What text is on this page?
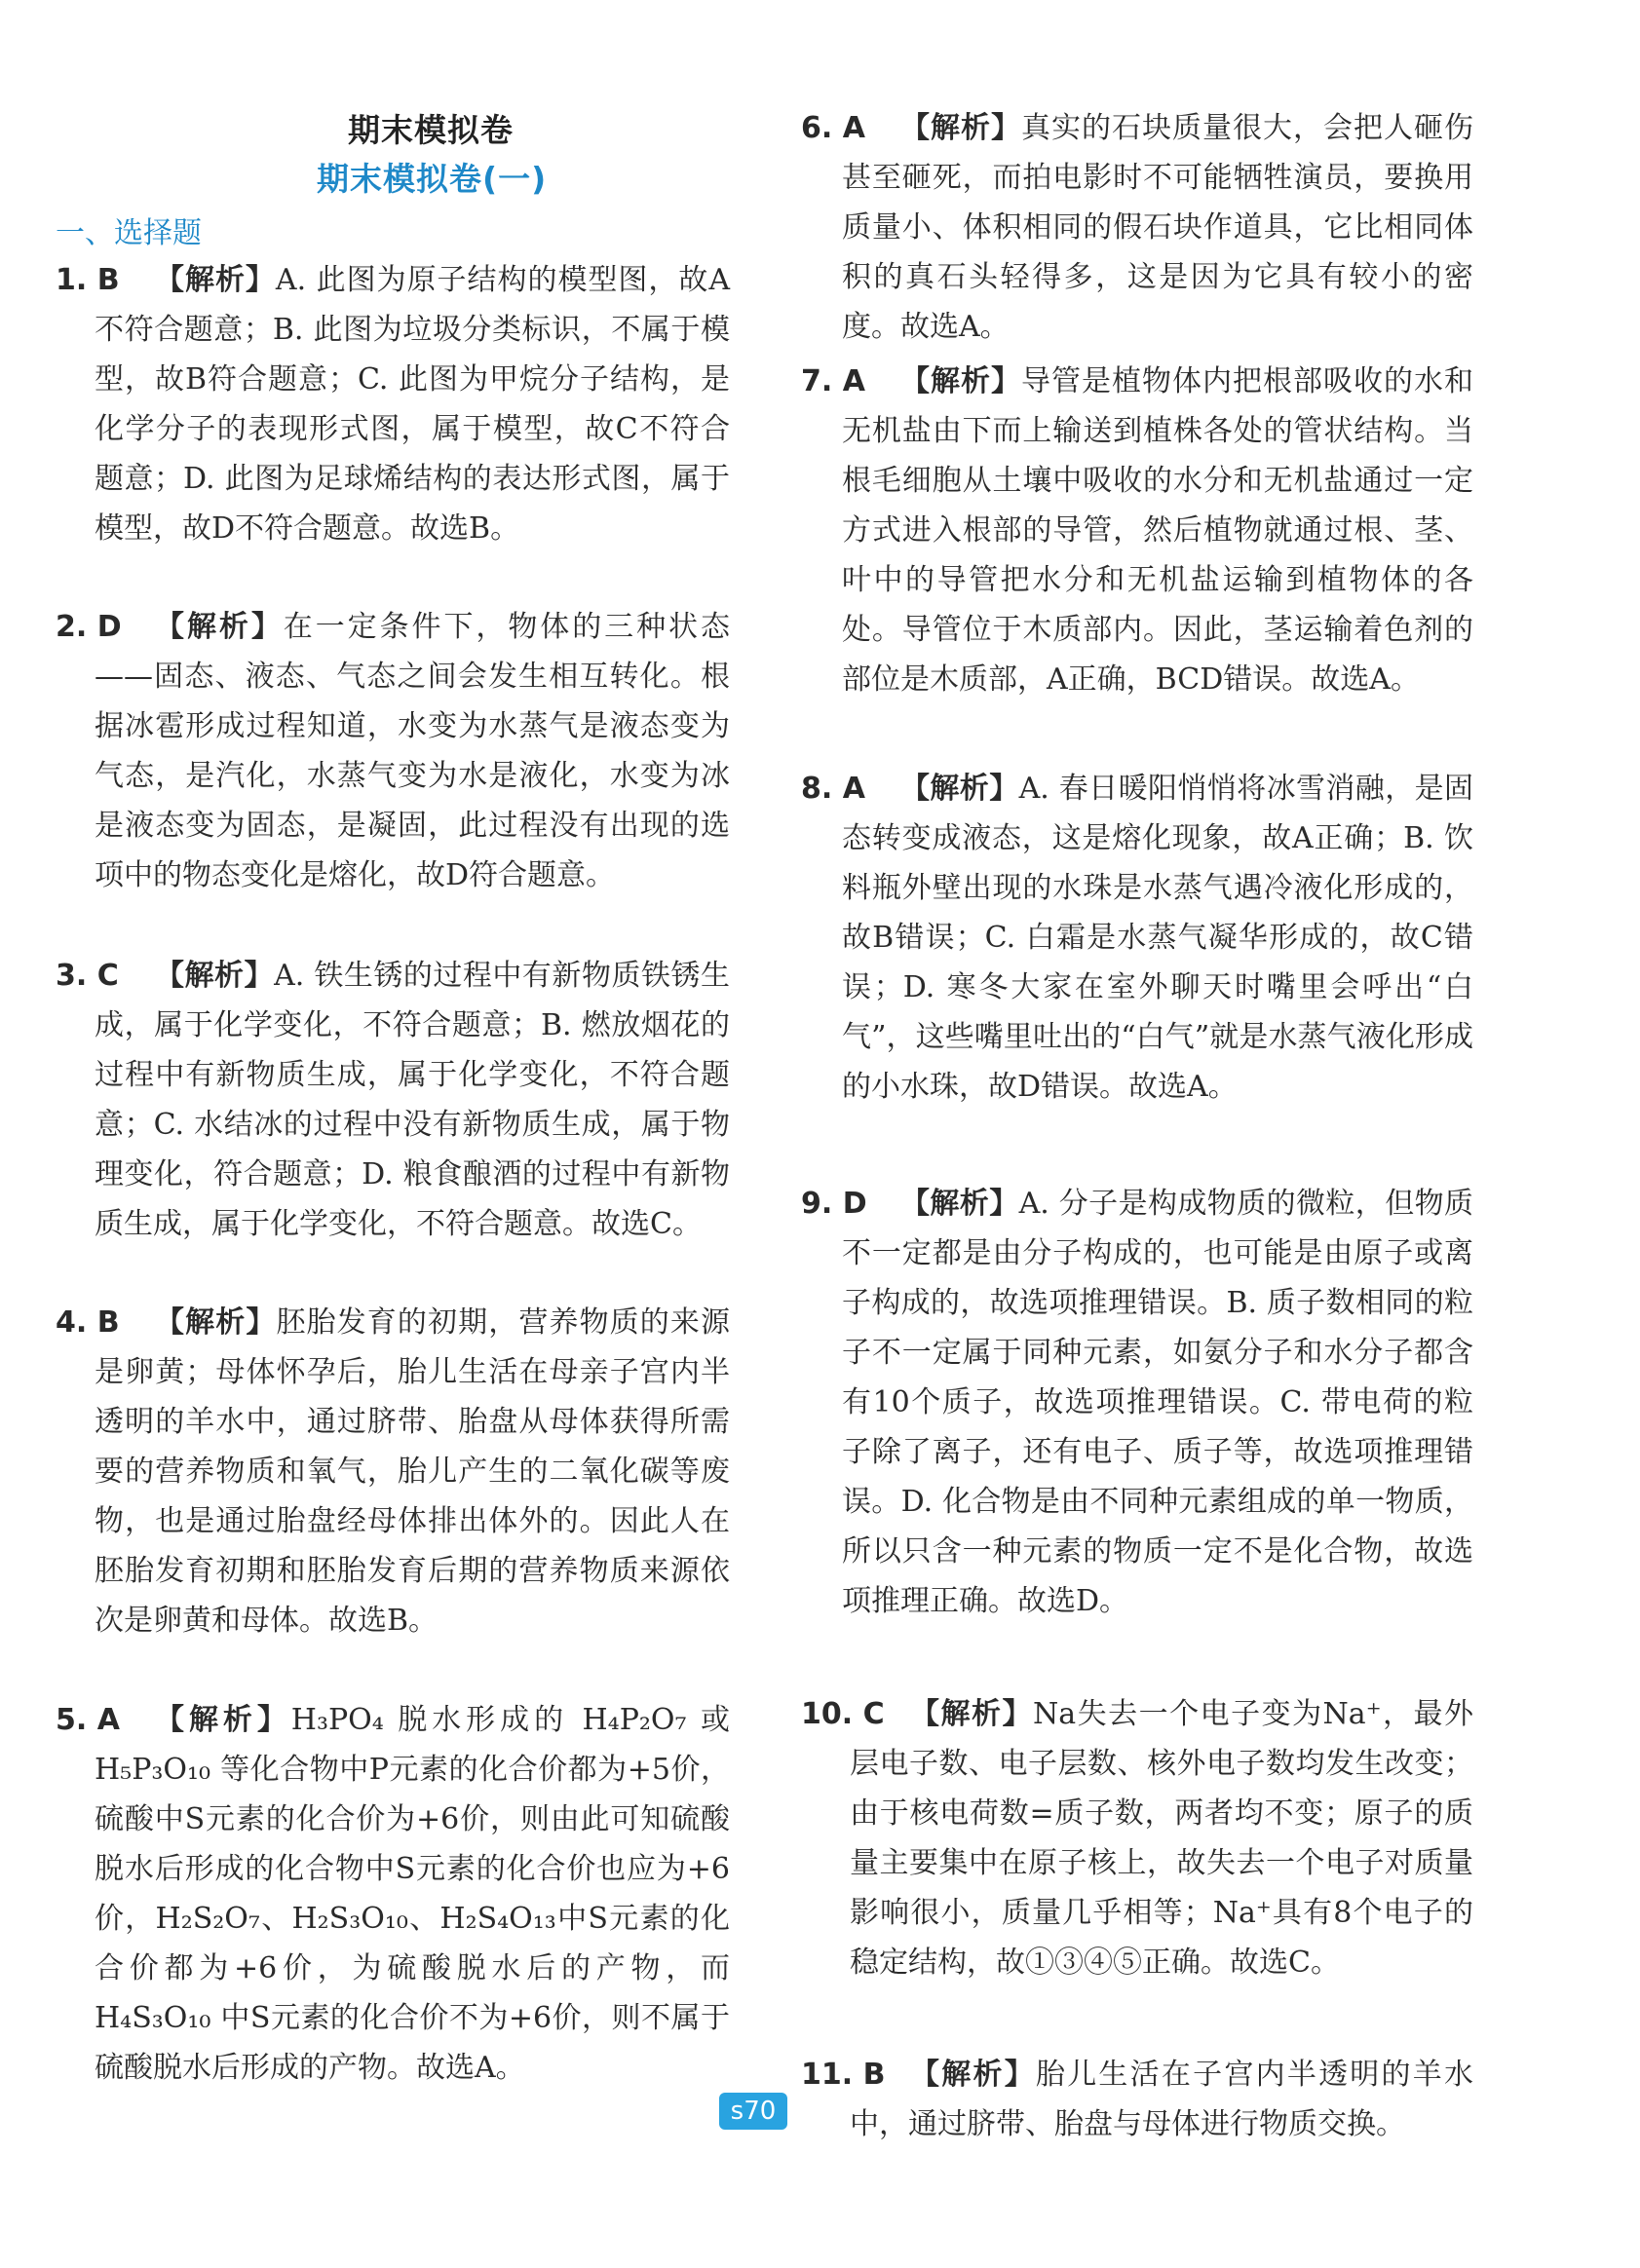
期末模拟卷
期末模拟卷(一)
一、选择题
1. B	【解析】A. 此图为原子结构的模型图，故A不符合题意；B. 此图为垃圾分类标识，不属于模型，故B符合题意；C. 此图为甲烷分子结构，是化学分子的表现形式图，属于模型，故C不符合题意；D. 此图为足球烯结构的表达形式图，属于模型，故D不符合题意。故选B。
2. D	【解析】在一定条件下，物体的三种状态——固态、液态、气态之间会发生相互转化。根据冰雹形成过程知道，水变为水蒸气是液态变为气态，是汽化，水蒸气变为水是液化，水变为冰是液态变为固态，是凝固，此过程没有出现的选项中的物态变化是熔化，故D符合题意。
3. C	【解析】A. 铁生锈的过程中有新物质铁锈生成，属于化学变化，不符合题意；B. 燃放烟花的过程中有新物质生成，属于化学变化，不符合题意；C. 水结冰的过程中没有新物质生成，属于物理变化，符合题意；D. 粮食酿酒的过程中有新物质生成，属于化学变化，不符合题意。故选C。
4. B	【解析】胚胎发育的初期，营养物质的来源是卵黄；母体怀孕后，胎儿生活在母亲子宫内半透明的羊水中，通过脐带、胎盘从母体获得所需要的营养物质和氧气，胎儿产生的二氧化碳等废物，也是通过胎盘经母体排出体外的。因此人在胚胎发育初期和胚胎发育后期的营养物质来源依次是卵黄和母体。故选B。
5. A	【解析】H₃PO₄ 脱水形成的 H₄P₂O₇ 或 H₅P₃O₁₀ 等化合物中P元素的化合价都为+5价，硫酸中S元素的化合价为+6价，则由此可知硫酸脱水后形成的化合物中S元素的化合价也应为+6价，H₂S₂O₇、H₂S₃O₁₀、H₂S₄O₁₃中S元素的化合价都为+6价，为硫酸脱水后的产物，而 H₄S₃O₁₀ 中S元素的化合价不为+6价，则不属于硫酸脱水后形成的产物。故选A。
6. A	【解析】真实的石块质量很大，会把人砸伤甚至砸死，而拍电影时不可能牺牲演员，要换用质量小、体积相同的假石块作道具，它比相同体积的真石头轻得多，这是因为它具有较小的密度。故选A。
7. A	【解析】导管是植物体内把根部吸收的水和无机盐由下而上输送到植株各处的管状结构。当根毛细胞从土壤中吸收的水分和无机盐通过一定方式进入根部的导管，然后植物就通过根、茎、叶中的导管把水分和无机盐运输到植物体的各处。导管位于木质部内。因此，茎运输着色剂的部位是木质部，A正确，BCD错误。故选A。
8. A	【解析】A. 春日暖阳悄悄将冰雪消融，是固态转变成液态，这是熔化现象，故A正确；B. 饮料瓶外壁出现的水珠是水蒸气遇冷液化形成的，故B错误；C. 白霜是水蒸气凝华形成的，故C错误；D. 寒冬大家在室外聊天时嘴里会呼出“白气”，这些嘴里吐出的“白气”就是水蒸气液化形成的小水珠，故D错误。故选A。
9. D	【解析】A. 分子是构成物质的微粒，但物质不一定都是由分子构成的，也可能是由原子或离子构成的，故选项推理错误。B. 质子数相同的粒子不一定属于同种元素，如氨分子和水分子都含有10个质子，故选项推理错误。C. 带电荷的粒子除了离子，还有电子、质子等，故选项推理错误。D. 化合物是由不同种元素组成的单一物质，所以只含一种元素的物质一定不是化合物，故选项推理正确。故选D。
10. C 【解析】Na失去一个电子变为Na⁺，最外层电子数、电子层数、核外电子数均发生改变；由于核电荷数=质子数，两者均不变；原子的质量主要集中在原子核上，故失去一个电子对质量影响很小，质量几乎相等；Na⁺具有8个电子的稳定结构，故①③④⑤正确。故选C。
11. B 【解析】胎儿生活在子宫内半透明的羊水中，通过脐带、胎盘与母体进行物质交换。
s70
